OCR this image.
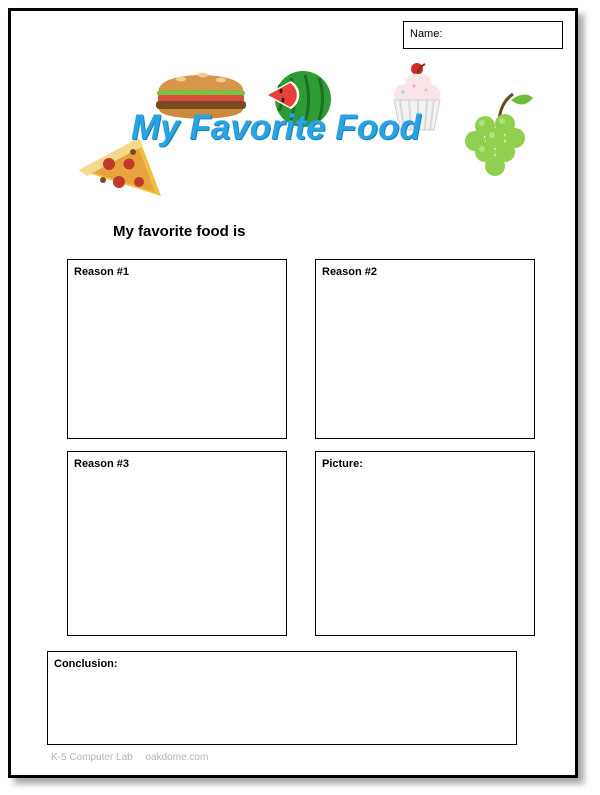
Name:
My Favorite Food
My favorite food is
Reason #1	Reason #2
Reason #3	Picture:
Conclusion:
K-5 Computer Lab oakdome.com
